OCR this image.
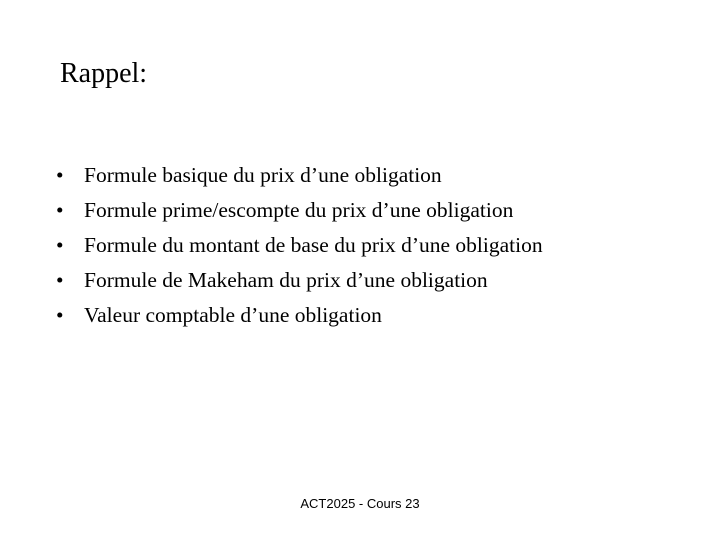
Rappel:
• Formule basique du prix d’une obligation
• Formule prime/escompte du prix d’une obligation
• Formule du montant de base du prix d’une obligation
• Formule de Makeham du prix d’une obligation
• Valeur comptable d’une obligation
ACT2025 - Cours 23
